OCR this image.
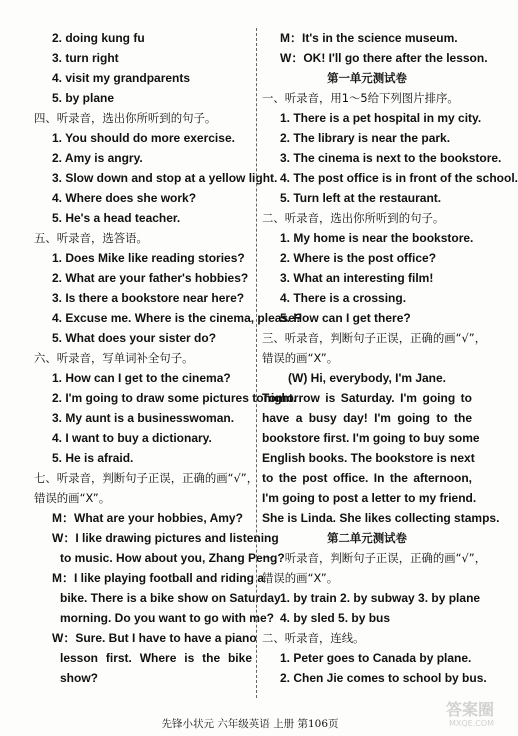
2. doing kung fu
3. turn right
4. visit my grandparents
5. by plane
四、听录音，选出你所听到的句子。
1. You should do more exercise.
2. Amy is angry.
3. Slow down and stop at a yellow light.
4. Where does she work?
5. He's a head teacher.
五、听录音，选答语。
1. Does Mike like reading stories?
2. What are your father's hobbies?
3. Is there a bookstore near here?
4. Excuse me. Where is the cinema, please?
5. What does your sister do?
六、听录音，写单词补全句子。
1. How can I get to the cinema?
2. I'm going to draw some pictures tonight.
3. My aunt is a businesswoman.
4. I want to buy a dictionary.
5. He is afraid.
七、听录音，判断句子正误，正确的画“√”，
错误的画“X”。
M：What are your hobbies, Amy?
W：I like drawing pictures and listening
to music. How about you, Zhang Peng?
M：I like playing football and riding a
bike. There is a bike show on Saturday
morning. Do you want to go with me?
W：Sure. But I have to have a piano
lesson first. Where is the bike
show?
M：It's in the science museum.
W：OK! I'll go there after the lesson.
第一单元测试卷
一、听录音，用1～5给下列图片排序。
1. There is a pet hospital in my city.
2. The library is near the park.
3. The cinema is next to the bookstore.
4. The post office is in front of the school.
5. Turn left at the restaurant.
二、听录音，选出你所听到的句子。
1. My home is near the bookstore.
2. Where is the post office?
3. What an interesting film!
4. There is a crossing.
5. How can I get there?
三、听录音，判断句子正误，正确的画“√”，
错误的画“X”。
(W) Hi, everybody, I'm Jane.
Tomorrow is Saturday. I'm going to
have a busy day! I'm going to the
bookstore first. I'm going to buy some
English books. The bookstore is next
to the post office. In the afternoon,
I'm going to post a letter to my friend.
She is Linda. She likes collecting stamps.
第二单元测试卷
一、听录音，判断句子正误，正确的画“√”，
错误的画“X”。
1. by train 2. by subway 3. by plane
4. by sled 5. by bus
二、听录音，连线。
1. Peter goes to Canada by plane.
2. Chen Jie comes to school by bus.
先锋小状元 六年级英语 上册 第106页
答案圈
MXQE.COM
